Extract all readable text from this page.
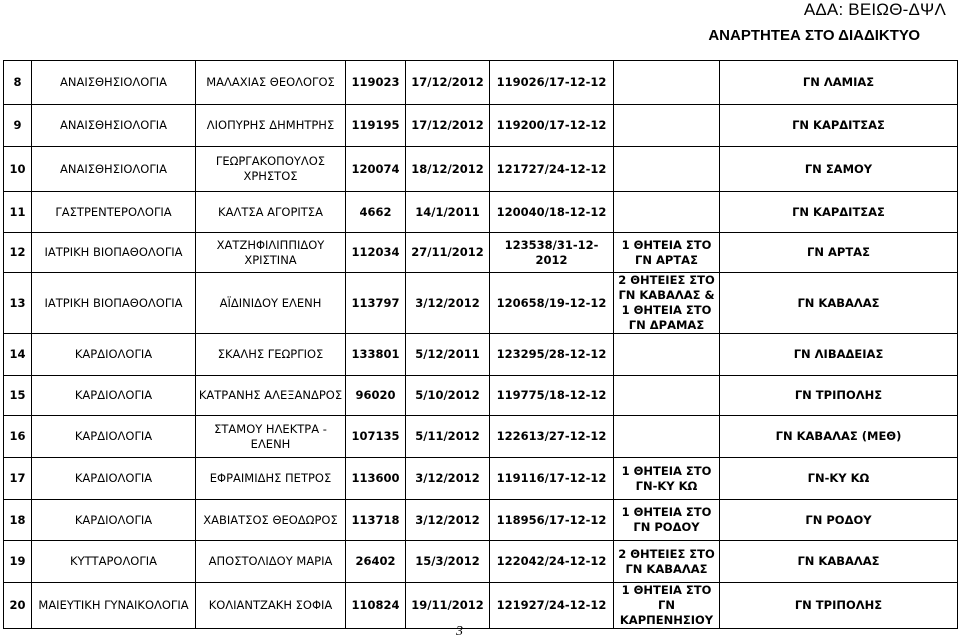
ΑΔΑ: ΒΕΙΩΘ-ΔΨΛ
ΑΝΑΡΤΗΤΕΑ ΣΤΟ ΔΙΑΔΙΚΤΥΟ
8	ΑΝΑΙΣΘΗΣΙΟΛΟΓΙΑ	ΜΑΛΑΧΙΑΣ ΘΕΟΛΟΓΟΣ	119023	17/12/2012	119026/17-12-12		ΓΝ ΛΑΜΙΑΣ
9	ΑΝΑΙΣΘΗΣΙΟΛΟΓΙΑ	ΛΙΟΠΥΡΗΣ ΔΗΜΗΤΡΗΣ	119195	17/12/2012	119200/17-12-12		ΓΝ ΚΑΡΔΙΤΣΑΣ
10	ΑΝΑΙΣΘΗΣΙΟΛΟΓΙΑ	ΓΕΩΡΓΑΚΟΠΟΥΛΟΣ ΧΡΗΣΤΟΣ	120074	18/12/2012	121727/24-12-12		ΓΝ ΣΑΜΟΥ
11	ΓΑΣΤΡΕΝΤΕΡΟΛΟΓΙΑ	ΚΑΛΤΣΑ ΑΓΟΡΙΤΣΑ	4662	14/1/2011	120040/18-12-12		ΓΝ ΚΑΡΔΙΤΣΑΣ
12	ΙΑΤΡΙΚΗ ΒΙΟΠΑΘΟΛΟΓΙΑ	ΧΑΤΖΗΦΙΛΙΠΠΙΔΟΥ ΧΡΙΣΤΙΝΑ	112034	27/11/2012	123538/31-12-2012	1 ΘΗΤΕΙΑ ΣΤΟ ΓΝ ΑΡΤΑΣ	ΓΝ ΑΡΤΑΣ
13	ΙΑΤΡΙΚΗ ΒΙΟΠΑΘΟΛΟΓΙΑ	ΑΪΔΙΝΙΔΟΥ ΕΛΕΝΗ	113797	3/12/2012	120658/19-12-12	2 ΘΗΤΕΙΕΣ ΣΤΟ ΓΝ ΚΑΒΑΛΑΣ & 1 ΘΗΤΕΙΑ ΣΤΟ ΓΝ ΔΡΑΜΑΣ	ΓΝ ΚΑΒΑΛΑΣ
14	ΚΑΡΔΙΟΛΟΓΙΑ	ΣΚΑΛΗΣ ΓΕΩΡΓΙΟΣ	133801	5/12/2011	123295/28-12-12		ΓΝ ΛΙΒΑΔΕΙΑΣ
15	ΚΑΡΔΙΟΛΟΓΙΑ	ΚΑΤΡΑΝΗΣ ΑΛΕΞΑΝΔΡΟΣ	96020	5/10/2012	119775/18-12-12		ΓΝ ΤΡΙΠΟΛΗΣ
16	ΚΑΡΔΙΟΛΟΓΙΑ	ΣΤΑΜΟΥ ΗΛΕΚΤΡΑ - ΕΛΕΝΗ	107135	5/11/2012	122613/27-12-12		ΓΝ ΚΑΒΑΛΑΣ (ΜΕΘ)
17	ΚΑΡΔΙΟΛΟΓΙΑ	ΕΦΡΑΙΜΙΔΗΣ ΠΕΤΡΟΣ	113600	3/12/2012	119116/17-12-12	1 ΘΗΤΕΙΑ ΣΤΟ ΓΝ-ΚΥ ΚΩ	ΓΝ-ΚΥ ΚΩ
18	ΚΑΡΔΙΟΛΟΓΙΑ	ΧΑΒΙΑΤΣΟΣ ΘΕΟΔΩΡΟΣ	113718	3/12/2012	118956/17-12-12	1 ΘΗΤΕΙΑ ΣΤΟ ΓΝ ΡΟΔΟΥ	ΓΝ ΡΟΔΟΥ
19	ΚΥΤΤΑΡΟΛΟΓΙΑ	ΑΠΟΣΤΟΛΙΔΟΥ ΜΑΡΙΑ	26402	15/3/2012	122042/24-12-12	2 ΘΗΤΕΙΕΣ ΣΤΟ ΓΝ ΚΑΒΑΛΑΣ	ΓΝ ΚΑΒΑΛΑΣ
20	ΜΑΙΕΥΤΙΚΗ ΓΥΝΑΙΚΟΛΟΓΙΑ	ΚΟΛΙΑΝΤΖΑΚΗ ΣΟΦΙΑ	110824	19/11/2012	121927/24-12-12	1 ΘΗΤΕΙΑ ΣΤΟ ΓΝ ΚΑΡΠΕΝΗΣΙΟΥ	ΓΝ ΤΡΙΠΟΛΗΣ
3
